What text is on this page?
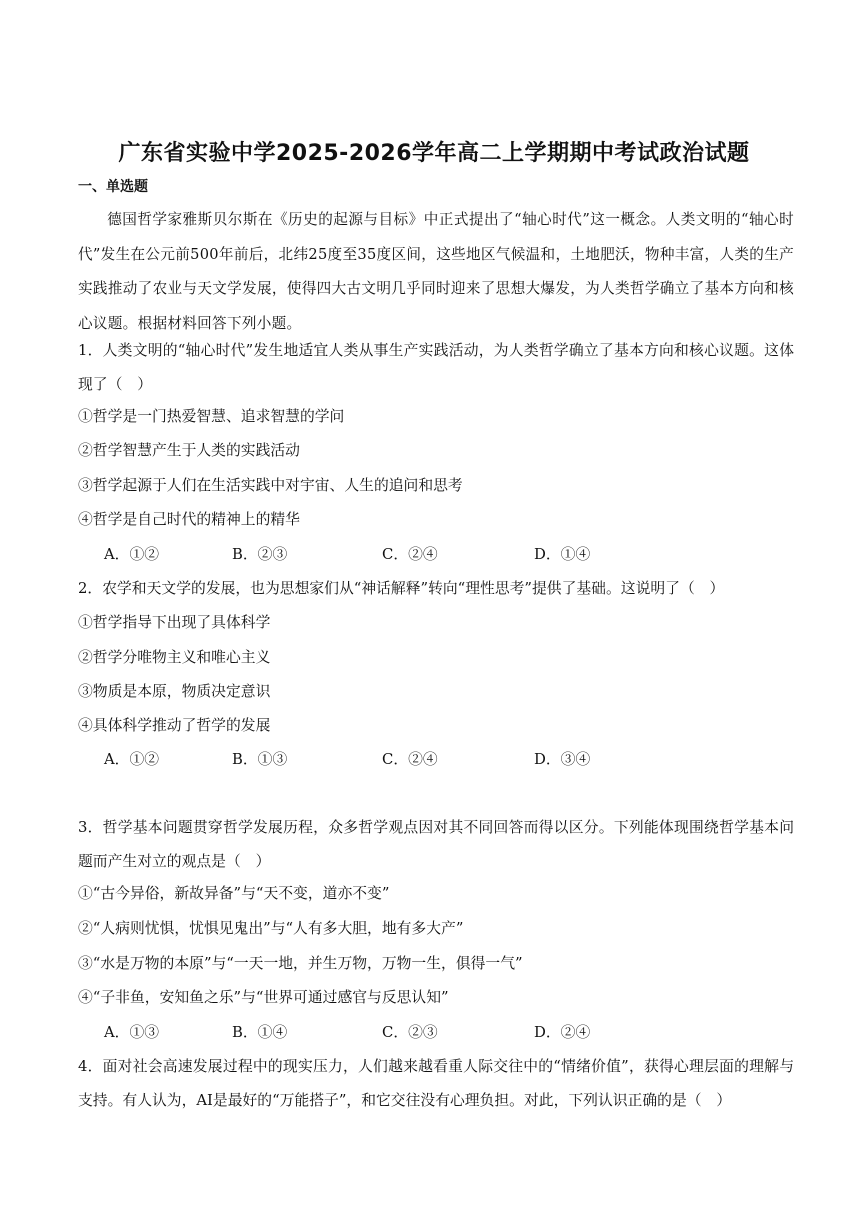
广东省实验中学2025-2026学年高二上学期期中考试政治试题
一、单选题
德国哲学家雅斯贝尔斯在《历史的起源与目标》中正式提出了“轴心时代”这一概念。人类文明的“轴心时代”发生在公元前500年前后，北纬25度至35度区间，这些地区气候温和，土地肥沃，物种丰富，人类的生产实践推动了农业与天文学发展，使得四大古文明几乎同时迎来了思想大爆发，为人类哲学确立了基本方向和核心议题。根据材料回答下列小题。
1．人类文明的“轴心时代”发生地适宜人类从事生产实践活动，为人类哲学确立了基本方向和核心议题。这体现了（　）
①哲学是一门热爱智慧、追求智慧的学问
②哲学智慧产生于人类的实践活动
③哲学起源于人们在生活实践中对宇宙、人生的追问和思考
④哲学是自己时代的精神上的精华
A．①②	B．②③	C．②④	D．①④
2．农学和天文学的发展，也为思想家们从“神话解释”转向“理性思考”提供了基础。这说明了（　）
①哲学指导下出现了具体科学
②哲学分唯物主义和唯心主义
③物质是本原，物质决定意识
④具体科学推动了哲学的发展
A．①②	B．①③	C．②④	D．③④
3．哲学基本问题贯穿哲学发展历程，众多哲学观点因对其不同回答而得以区分。下列能体现围绕哲学基本问题而产生对立的观点是（　）
①“古今异俗，新故异备”与“天不变，道亦不变”
②“人病则忧惧，忧惧见鬼出”与“人有多大胆，地有多大产”
③“水是万物的本原”与“一天一地，并生万物，万物一生，俱得一气”
④“子非鱼，安知鱼之乐”与“世界可通过感官与反思认知”
A．①③	B．①④	C．②③	D．②④
4．面对社会高速发展过程中的现实压力，人们越来越看重人际交往中的“情绪价值”，获得心理层面的理解与支持。有人认为，AI是最好的“万能搭子”，和它交往没有心理负担。对此，下列认识正确的是（　）
